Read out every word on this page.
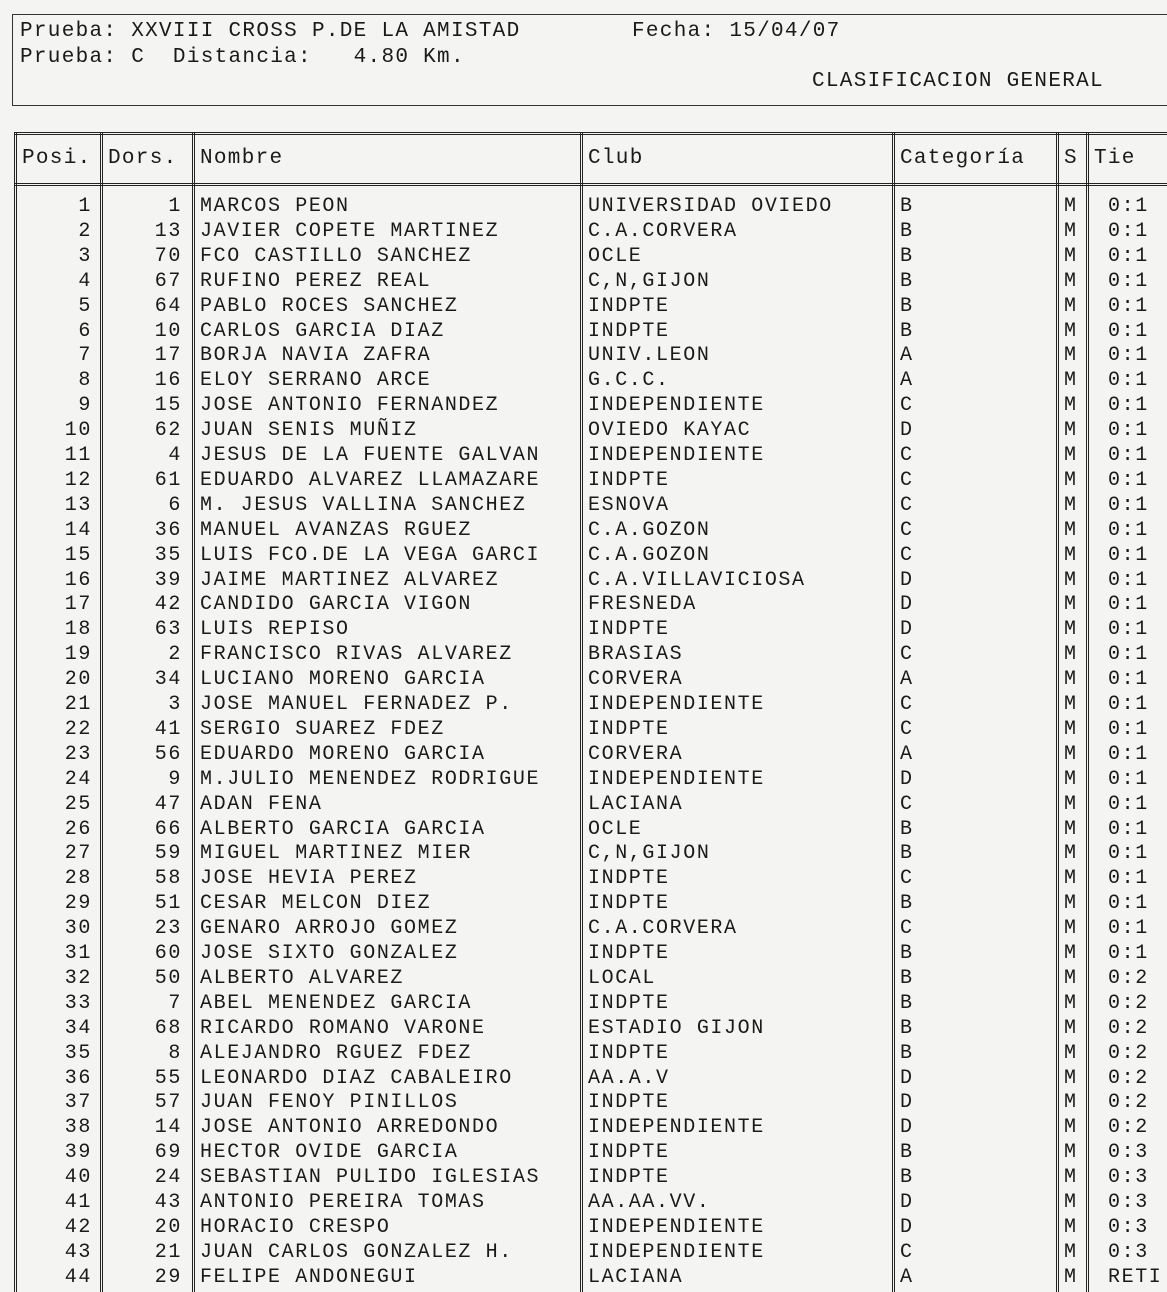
Prueba: XXVIII CROSS P.DE LA AMISTAD	Fecha: 15/04/07
Prueba: C  Distancia:   4.80 Km.
CLASIFICACION GENERAL
Posi. Dors. Nombre	Club	Categoría S Tie
1	1 MARCOS PEON	UNIVERSIDAD OVIEDO	B	M	0:1
2	13 JAVIER COPETE MARTINEZ	C.A.CORVERA	B	M	0:1
3	70 FCO CASTILLO SANCHEZ	OCLE	B	M	0:1
4	67 RUFINO PEREZ REAL	C,N,GIJON	B	M	0:1
5	64 PABLO ROCES SANCHEZ	INDPTE	B	M	0:1
6	10 CARLOS GARCIA DIAZ	INDPTE	B	M	0:1
7	17 BORJA NAVIA ZAFRA	UNIV.LEON	A	M	0:1
8	16 ELOY SERRANO ARCE	G.C.C.	A	M	0:1
9	15 JOSE ANTONIO FERNANDEZ	INDEPENDIENTE	C	M	0:1
10	62 JUAN SENIS MUÑIZ	OVIEDO KAYAC	D	M	0:1
11	4 JESUS DE LA FUENTE GALVAN	INDEPENDIENTE	C	M	0:1
12	61 EDUARDO ALVAREZ LLAMAZARE	INDPTE	C	M	0:1
13	6 M. JESUS VALLINA SANCHEZ	ESNOVA	C	M	0:1
14	36 MANUEL AVANZAS RGUEZ	C.A.GOZON	C	M	0:1
15	35 LUIS FCO.DE LA VEGA GARCI	C.A.GOZON	C	M	0:1
16	39 JAIME MARTINEZ ALVAREZ	C.A.VILLAVICIOSA	D	M	0:1
17	42 CANDIDO GARCIA VIGON	FRESNEDA	D	M	0:1
18	63 LUIS REPISO	INDPTE	D	M	0:1
19	2 FRANCISCO RIVAS ALVAREZ	BRASIAS	C	M	0:1
20	34 LUCIANO MORENO GARCIA	CORVERA	A	M	0:1
21	3 JOSE MANUEL FERNADEZ P.	INDEPENDIENTE	C	M	0:1
22	41 SERGIO SUAREZ FDEZ	INDPTE	C	M	0:1
23	56 EDUARDO MORENO GARCIA	CORVERA	A	M	0:1
24	9 M.JULIO MENENDEZ RODRIGUE	INDEPENDIENTE	D	M	0:1
25	47 ADAN FENA	LACIANA	C	M	0:1
26	66 ALBERTO GARCIA GARCIA	OCLE	B	M	0:1
27	59 MIGUEL MARTINEZ MIER	C,N,GIJON	B	M	0:1
28	58 JOSE HEVIA PEREZ	INDPTE	C	M	0:1
29	51 CESAR MELCON DIEZ	INDPTE	B	M	0:1
30	23 GENARO ARROJO GOMEZ	C.A.CORVERA	C	M	0:1
31	60 JOSE SIXTO GONZALEZ	INDPTE	B	M	0:1
32	50 ALBERTO ALVAREZ	LOCAL	B	M	0:2
33	7 ABEL MENENDEZ GARCIA	INDPTE	B	M	0:2
34	68 RICARDO ROMANO VARONE	ESTADIO GIJON	B	M	0:2
35	8 ALEJANDRO RGUEZ FDEZ	INDPTE	B	M	0:2
36	55 LEONARDO DIAZ CABALEIRO	AA.A.V	D	M	0:2
37	57 JUAN FENOY PINILLOS	INDPTE	D	M	0:2
38	14 JOSE ANTONIO ARREDONDO	INDEPENDIENTE	D	M	0:2
39	69 HECTOR OVIDE GARCIA	INDPTE	B	M	0:3
40	24 SEBASTIAN PULIDO IGLESIAS	INDPTE	B	M	0:3
41	43 ANTONIO PEREIRA TOMAS	AA.AA.VV.	D	M	0:3
42	20 HORACIO CRESPO	INDEPENDIENTE	D	M	0:3
43	21 JUAN CARLOS GONZALEZ H.	INDEPENDIENTE	C	M	0:3
44	29 FELIPE ANDONEGUI	LACIANA	A	M	RETI
